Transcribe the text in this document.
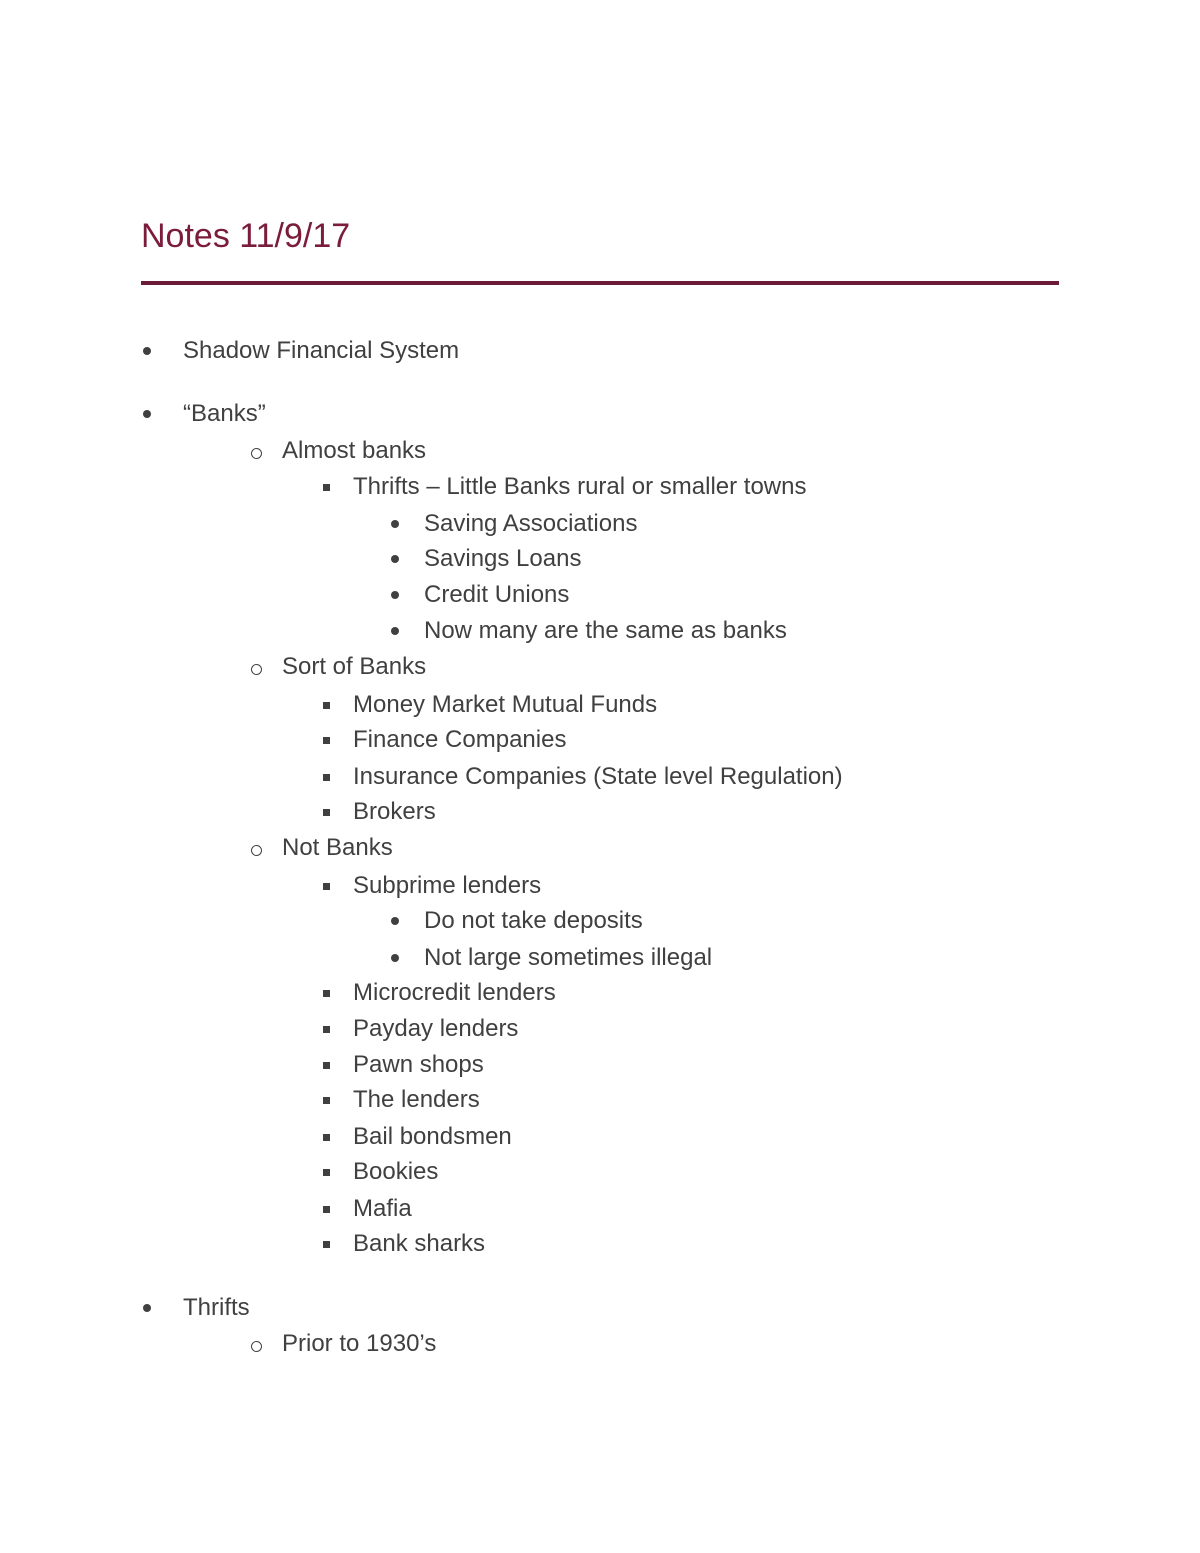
Notes 11/9/17
Shadow Financial System
“Banks”
Almost banks
Thrifts – Little Banks rural or smaller towns
Saving Associations
Savings Loans
Credit Unions
Now many are the same as banks
Sort of Banks
Money Market Mutual Funds
Finance Companies
Insurance Companies (State level Regulation)
Brokers
Not Banks
Subprime lenders
Do not take deposits
Not large sometimes illegal
Microcredit lenders
Payday lenders
Pawn shops
The lenders
Bail bondsmen
Bookies
Mafia
Bank sharks
Thrifts
Prior to 1930’s
